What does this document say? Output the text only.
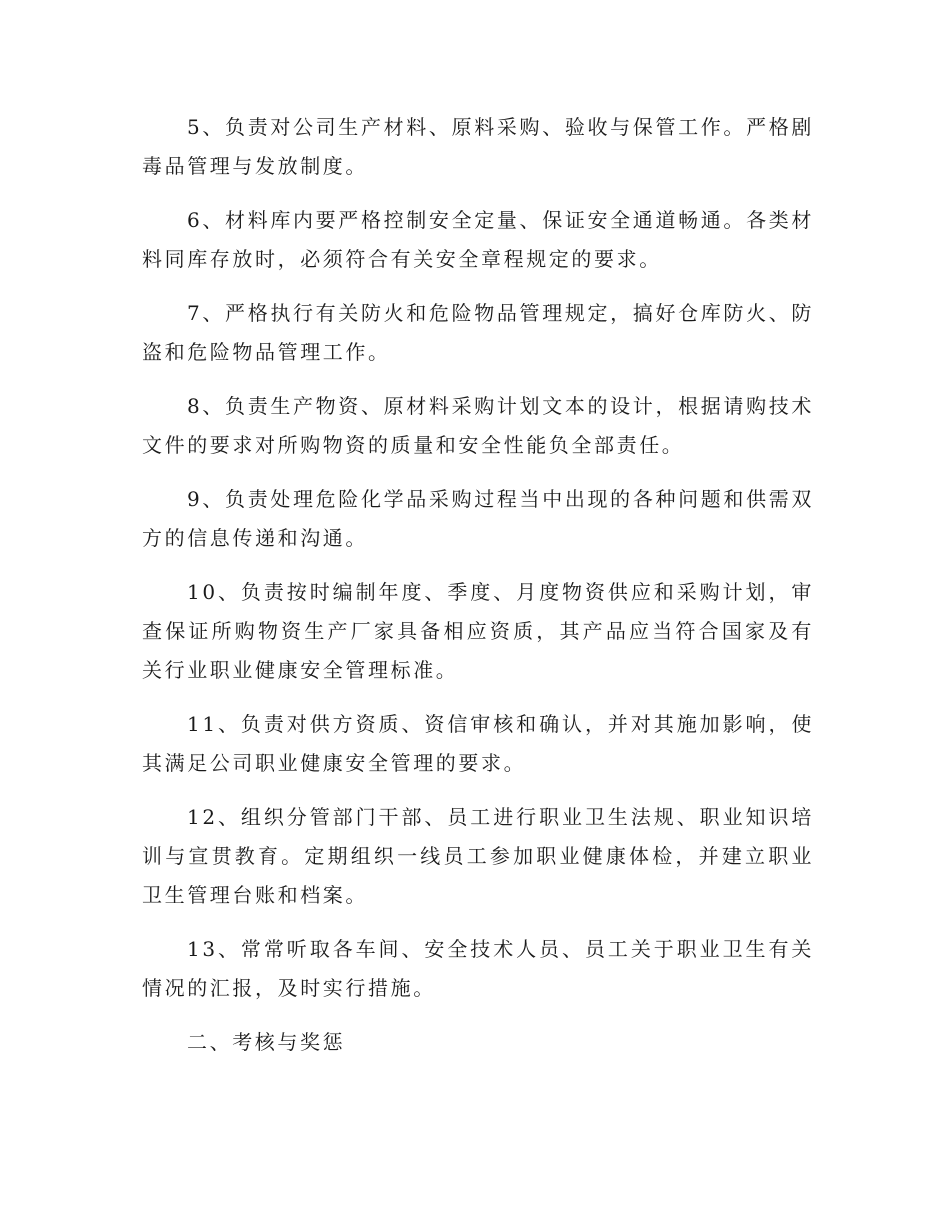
5、负责对公司生产材料、原料采购、验收与保管工作。严格剧毒品管理与发放制度。

6、材料库内要严格控制安全定量、保证安全通道畅通。各类材料同库存放时，必须符合有关安全章程规定的要求。

7、严格执行有关防火和危险物品管理规定，搞好仓库防火、防盗和危险物品管理工作。

8、负责生产物资、原材料采购计划文本的设计，根据请购技术文件的要求对所购物资的质量和安全性能负全部责任。

9、负责处理危险化学品采购过程当中出现的各种问题和供需双方的信息传递和沟通。

10、负责按时编制年度、季度、月度物资供应和采购计划，审查保证所购物资生产厂家具备相应资质，其产品应当符合国家及有关行业职业健康安全管理标准。

11、负责对供方资质、资信审核和确认，并对其施加影响，使其满足公司职业健康安全管理的要求。

12、组织分管部门干部、员工进行职业卫生法规、职业知识培训与宣贯教育。定期组织一线员工参加职业健康体检，并建立职业卫生管理台账和档案。

13、常常听取各车间、安全技术人员、员工关于职业卫生有关情况的汇报，及时实行措施。

二、考核与奖惩
